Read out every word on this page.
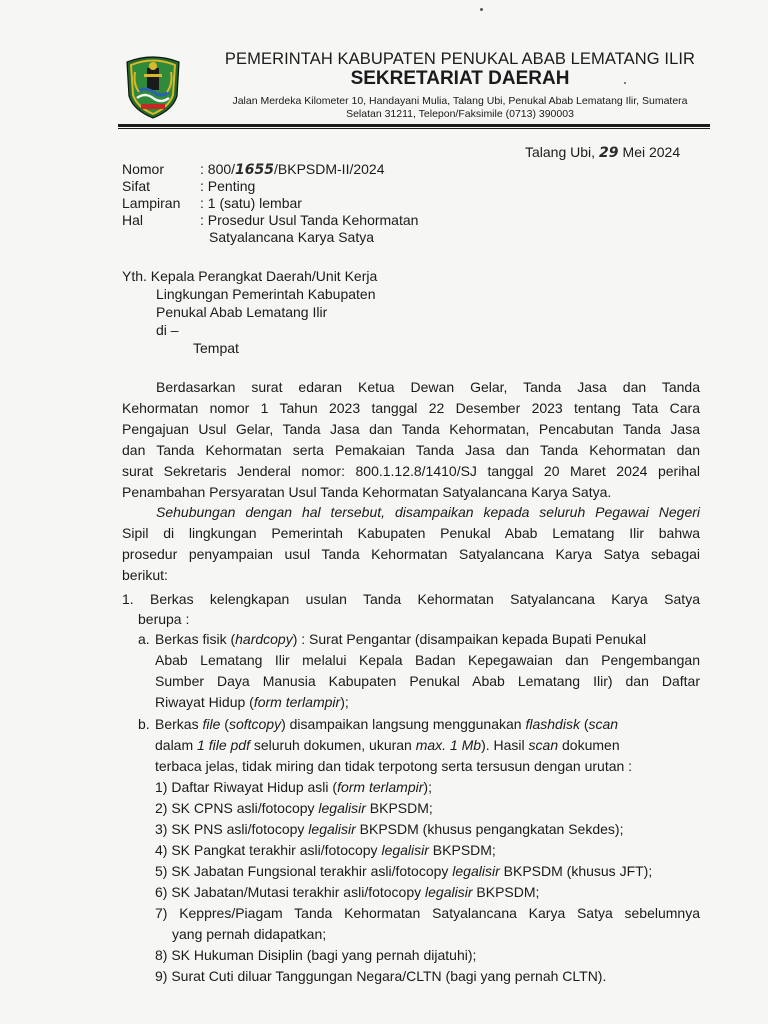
PEMERINTAH KABUPATEN PENUKAL ABAB LEMATANG ILIR
SEKRETARIAT DAERAH
Jalan Merdeka Kilometer 10, Handayani Mulia, Talang Ubi, Penukal Abab Lematang Ilir, Sumatera
Selatan 31211, Telepon/Faksimile (0713) 390003
Talang Ubi, 29 Mei 2024
Nomor	: 800/1655/BKPSDM-II/2024
Sifat	: Penting
Lampiran : 1 (satu) lembar
Hal	: Prosedur Usul Tanda Kehormatan
Satyalancana Karya Satya
Yth. Kepala Perangkat Daerah/Unit Kerja
Lingkungan Pemerintah Kabupaten
Penukal Abab Lematang Ilir
di –
Tempat
Berdasarkan surat edaran Ketua Dewan Gelar, Tanda Jasa dan Tanda
Kehormatan nomor 1 Tahun 2023 tanggal 22 Desember 2023 tentang Tata Cara
Pengajuan Usul Gelar, Tanda Jasa dan Tanda Kehormatan, Pencabutan Tanda Jasa
dan Tanda Kehormatan serta Pemakaian Tanda Jasa dan Tanda Kehormatan dan
surat Sekretaris Jenderal nomor: 800.1.12.8/1410/SJ tanggal 20 Maret 2024 perihal
Penambahan Persyaratan Usul Tanda Kehormatan Satyalancana Karya Satya.
Sehubungan dengan hal tersebut, disampaikan kepada seluruh Pegawai Negeri
Sipil di lingkungan Pemerintah Kabupaten Penukal Abab Lematang Ilir bahwa
prosedur penyampaian usul Tanda Kehormatan Satyalancana Karya Satya sebagai
berikut:
1. Berkas kelengkapan usulan Tanda Kehormatan Satyalancana Karya Satya
berupa :
a. Berkas fisik (hardcopy) : Surat Pengantar (disampaikan kepada Bupati Penukal
Abab Lematang Ilir melalui Kepala Badan Kepegawaian dan Pengembangan
Sumber Daya Manusia Kabupaten Penukal Abab Lematang Ilir) dan Daftar
Riwayat Hidup (form terlampir);
b. Berkas file (softcopy) disampaikan langsung menggunakan flashdisk (scan
dalam 1 file pdf seluruh dokumen, ukuran max. 1 Mb). Hasil scan dokumen
terbaca jelas, tidak miring dan tidak terpotong serta tersusun dengan urutan :
1) Daftar Riwayat Hidup asli (form terlampir);
2) SK CPNS asli/fotocopy legalisir BKPSDM;
3) SK PNS asli/fotocopy legalisir BKPSDM (khusus pengangkatan Sekdes);
4) SK Pangkat terakhir asli/fotocopy legalisir BKPSDM;
5) SK Jabatan Fungsional terakhir asli/fotocopy legalisir BKPSDM (khusus JFT);
6) SK Jabatan/Mutasi terakhir asli/fotocopy legalisir BKPSDM;
7) Keppres/Piagam Tanda Kehormatan Satyalancana Karya Satya sebelumnya
yang pernah didapatkan;
8) SK Hukuman Disiplin (bagi yang pernah dijatuhi);
9) Surat Cuti diluar Tanggungan Negara/CLTN (bagi yang pernah CLTN).
